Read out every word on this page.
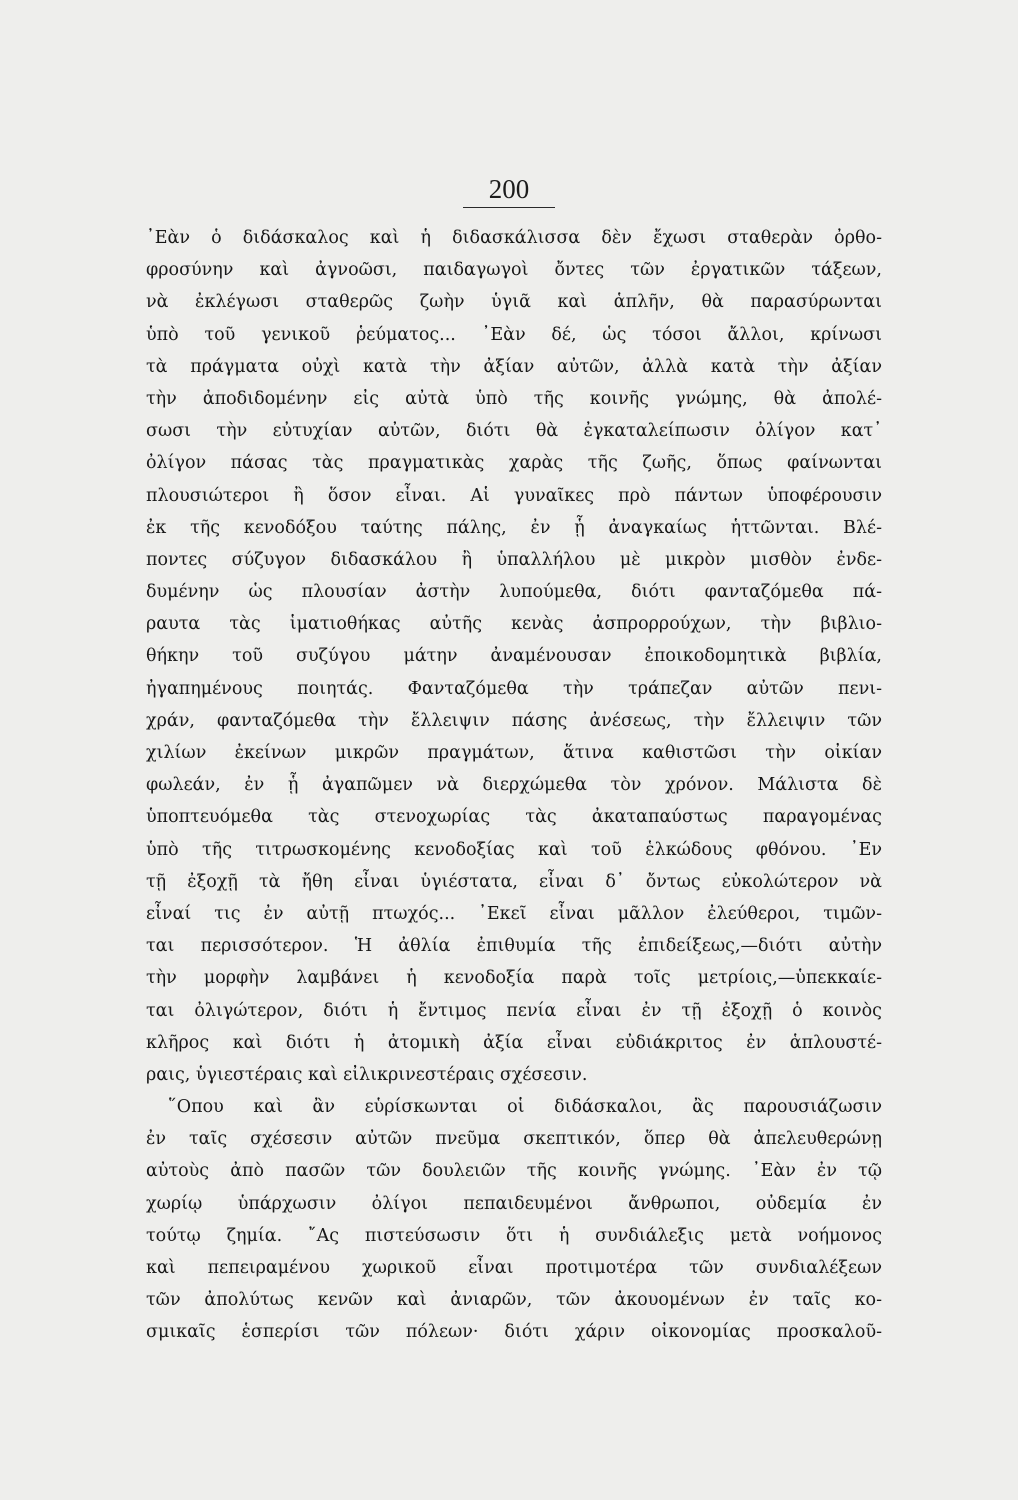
200
᾽Εὰν ὁ διδάσκαλος καὶ ἡ διδασκάλισσα δὲν ἔχωσι σταθερὰν ὀρθο-
φροσύνην καὶ ἀγνοῶσι, παιδαγωγοὶ ὄντες τῶν ἐργατικῶν τάξεων,
νὰ ἐκλέγωσι σταθερῶς ζωὴν ὑγιᾶ καὶ ἁπλῆν, θὰ παρασύρωνται
ὑπὸ τοῦ γενικοῦ ῥεύματος... ᾽Εὰν δέ, ὡς τόσοι ἄλλοι, κρίνωσι
τὰ πράγματα οὐχὶ κατὰ τὴν ἀξίαν αὐτῶν, ἀλλὰ κατὰ τὴν ἀξίαν
τὴν ἀποδιδομένην εἰς αὐτὰ ὑπὸ τῆς κοινῆς γνώμης, θὰ ἀπολέ-
σωσι τὴν εὐτυχίαν αὐτῶν, διότι θὰ ἐγκαταλείπωσιν ὀλίγον κατ᾽
ὀλίγον πάσας τὰς πραγματικὰς χαρὰς τῆς ζωῆς, ὅπως φαίνωνται
πλουσιώτεροι ἢ ὅσον εἶναι. Αἱ γυναῖκες πρὸ πάντων ὑποφέρουσιν
ἐκ τῆς κενοδόξου ταύτης πάλης, ἐν ᾗ ἀναγκαίως ἡττῶνται. Βλέ-
ποντες σύζυγον διδασκάλου ἢ ὑπαλλήλου μὲ μικρὸν μισθὸν ἐνδε-
δυμένην ὡς πλουσίαν ἀστὴν λυπούμεθα, διότι φανταζόμεθα πά-
ραυτα τὰς ἱματιοθήκας αὐτῆς κενὰς ἀσπρορρούχων, τὴν βιβλιο-
θήκην τοῦ συζύγου μάτην ἀναμένουσαν ἐποικοδομητικὰ βιβλία,
ἠγαπημένους ποιητάς. Φανταζόμεθα τὴν τράπεζαν αὐτῶν πενι-
χράν, φανταζόμεθα τὴν ἔλλειψιν πάσης ἀνέσεως, τὴν ἔλλειψιν τῶν
χιλίων ἐκείνων μικρῶν πραγμάτων, ἅτινα καθιστῶσι τὴν οἰκίαν
φωλεάν, ἐν ᾗ ἀγαπῶμεν νὰ διερχώμεθα τὸν χρόνον. Μάλιστα δὲ
ὑποπτευόμεθα τὰς στενοχωρίας τὰς ἀκαταπαύστως παραγομένας
ὑπὸ τῆς τιτρωσκομένης κενοδοξίας καὶ τοῦ ἑλκώδους φθόνου. ᾽Εν
τῇ ἐξοχῇ τὰ ἤθη εἶναι ὑγιέστατα, εἶναι δ᾽ ὄντως εὐκολώτερον νὰ
εἶναί τις ἐν αὐτῇ πτωχός... ᾽Εκεῖ εἶναι μᾶλλον ἐλεύθεροι, τιμῶν-
ται περισσότερον. Ἡ ἀθλία ἐπιθυμία τῆς ἐπιδείξεως,—διότι αὐτὴν
τὴν μορφὴν λαμβάνει ἡ κενοδοξία παρὰ τοῖς μετρίοις,—ὑπεκκαίε-
ται ὀλιγώτερον, διότι ἡ ἔντιμος πενία εἶναι ἐν τῇ ἐξοχῇ ὁ κοινὸς
κλῆρος καὶ διότι ἡ ἀτομικὴ ἀξία εἶναι εὐδιάκριτος ἐν ἁπλουστέ-
ραις, ὑγιεστέραις καὶ εἰλικρινεστέραις σχέσεσιν.
῞Οπου καὶ ἂν εὑρίσκωνται οἱ διδάσκαλοι, ἂς παρουσιάζωσιν
ἐν ταῖς σχέσεσιν αὐτῶν πνεῦμα σκεπτικόν, ὅπερ θὰ ἀπελευθερώνῃ
αὐτοὺς ἀπὸ πασῶν τῶν δουλειῶν τῆς κοινῆς γνώμης. ᾽Εὰν ἐν τῷ
χωρίῳ ὑπάρχωσιν ὀλίγοι πεπαιδευμένοι ἄνθρωποι, οὐδεμία ἐν
τούτῳ ζημία. ῎Ας πιστεύσωσιν ὅτι ἡ συνδιάλεξις μετὰ νοήμονος
καὶ πεπειραμένου χωρικοῦ εἶναι προτιμοτέρα τῶν συνδιαλέξεων
τῶν ἀπολύτως κενῶν καὶ ἀνιαρῶν, τῶν ἀκουομένων ἐν ταῖς κο-
σμικαῖς ἑσπερίσι τῶν πόλεων· διότι χάριν οἰκονομίας προσκαλοῦ-
